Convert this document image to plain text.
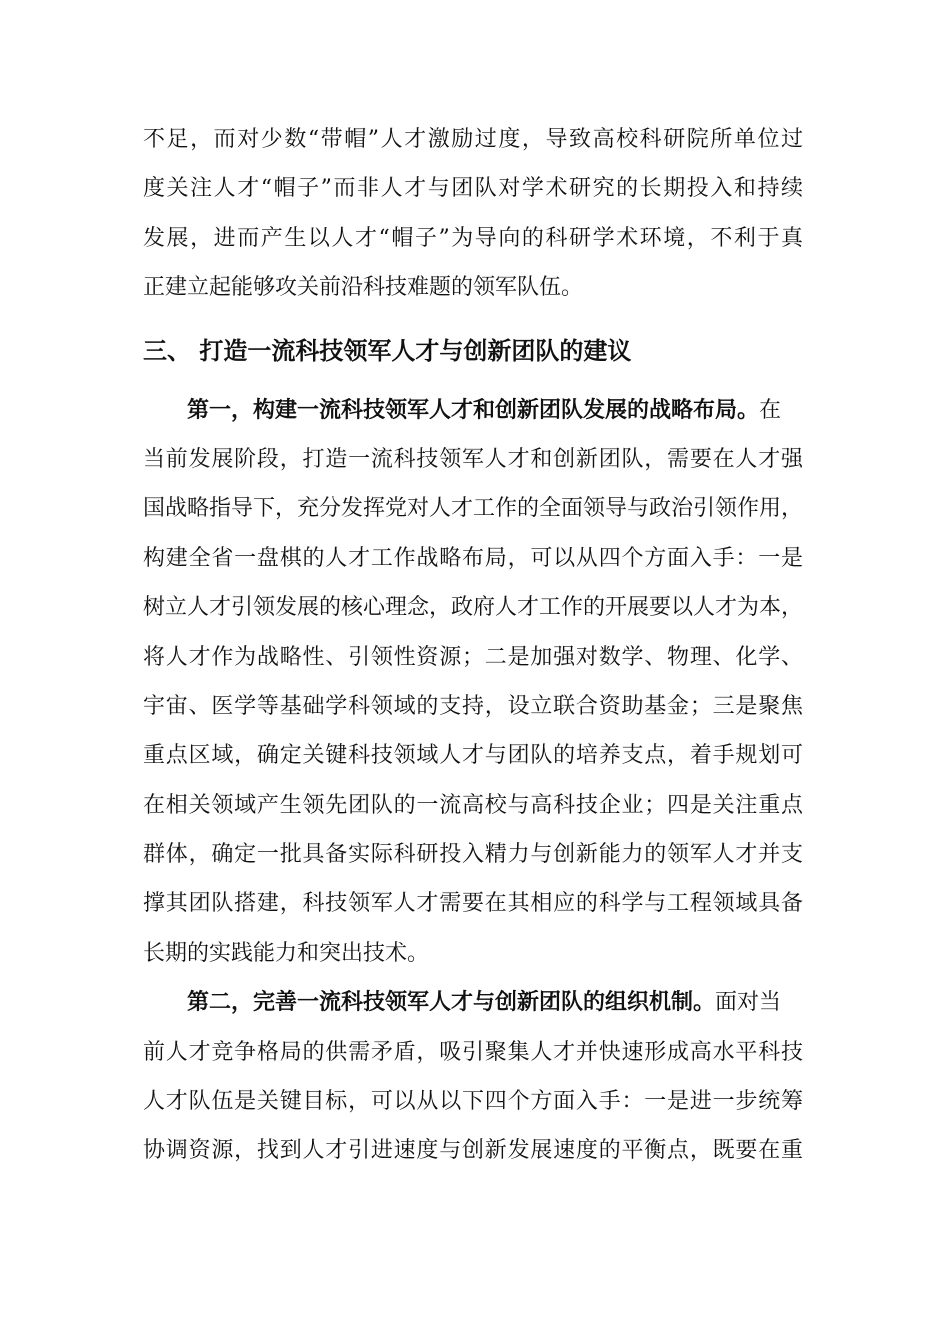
不足，而对少数“带帽”人才激励过度，导致高校科研院所单位过
度关注人才“帽子”而非人才与团队对学术研究的长期投入和持续
发展，进而产生以人才“帽子”为导向的科研学术环境，不利于真
正建立起能够攻关前沿科技难题的领军队伍。
三、 打造一流科技领军人才与创新团队的建议
第一，构建一流科技领军人才和创新团队发展的战略布局。在
当前发展阶段，打造一流科技领军人才和创新团队，需要在人才强
国战略指导下，充分发挥党对人才工作的全面领导与政治引领作用，
构建全省一盘棋的人才工作战略布局，可以从四个方面入手：一是
树立人才引领发展的核心理念，政府人才工作的开展要以人才为本，
将人才作为战略性、引领性资源；二是加强对数学、物理、化学、
宇宙、医学等基础学科领域的支持，设立联合资助基金；三是聚焦
重点区域，确定关键科技领域人才与团队的培养支点，着手规划可
在相关领域产生领先团队的一流高校与高科技企业；四是关注重点
群体，确定一批具备实际科研投入精力与创新能力的领军人才并支
撑其团队搭建，科技领军人才需要在其相应的科学与工程领域具备
长期的实践能力和突出技术。
第二，完善一流科技领军人才与创新团队的组织机制。面对当
前人才竞争格局的供需矛盾，吸引聚集人才并快速形成高水平科技
人才队伍是关键目标，可以从以下四个方面入手：一是进一步统筹
协调资源，找到人才引进速度与创新发展速度的平衡点，既要在重
